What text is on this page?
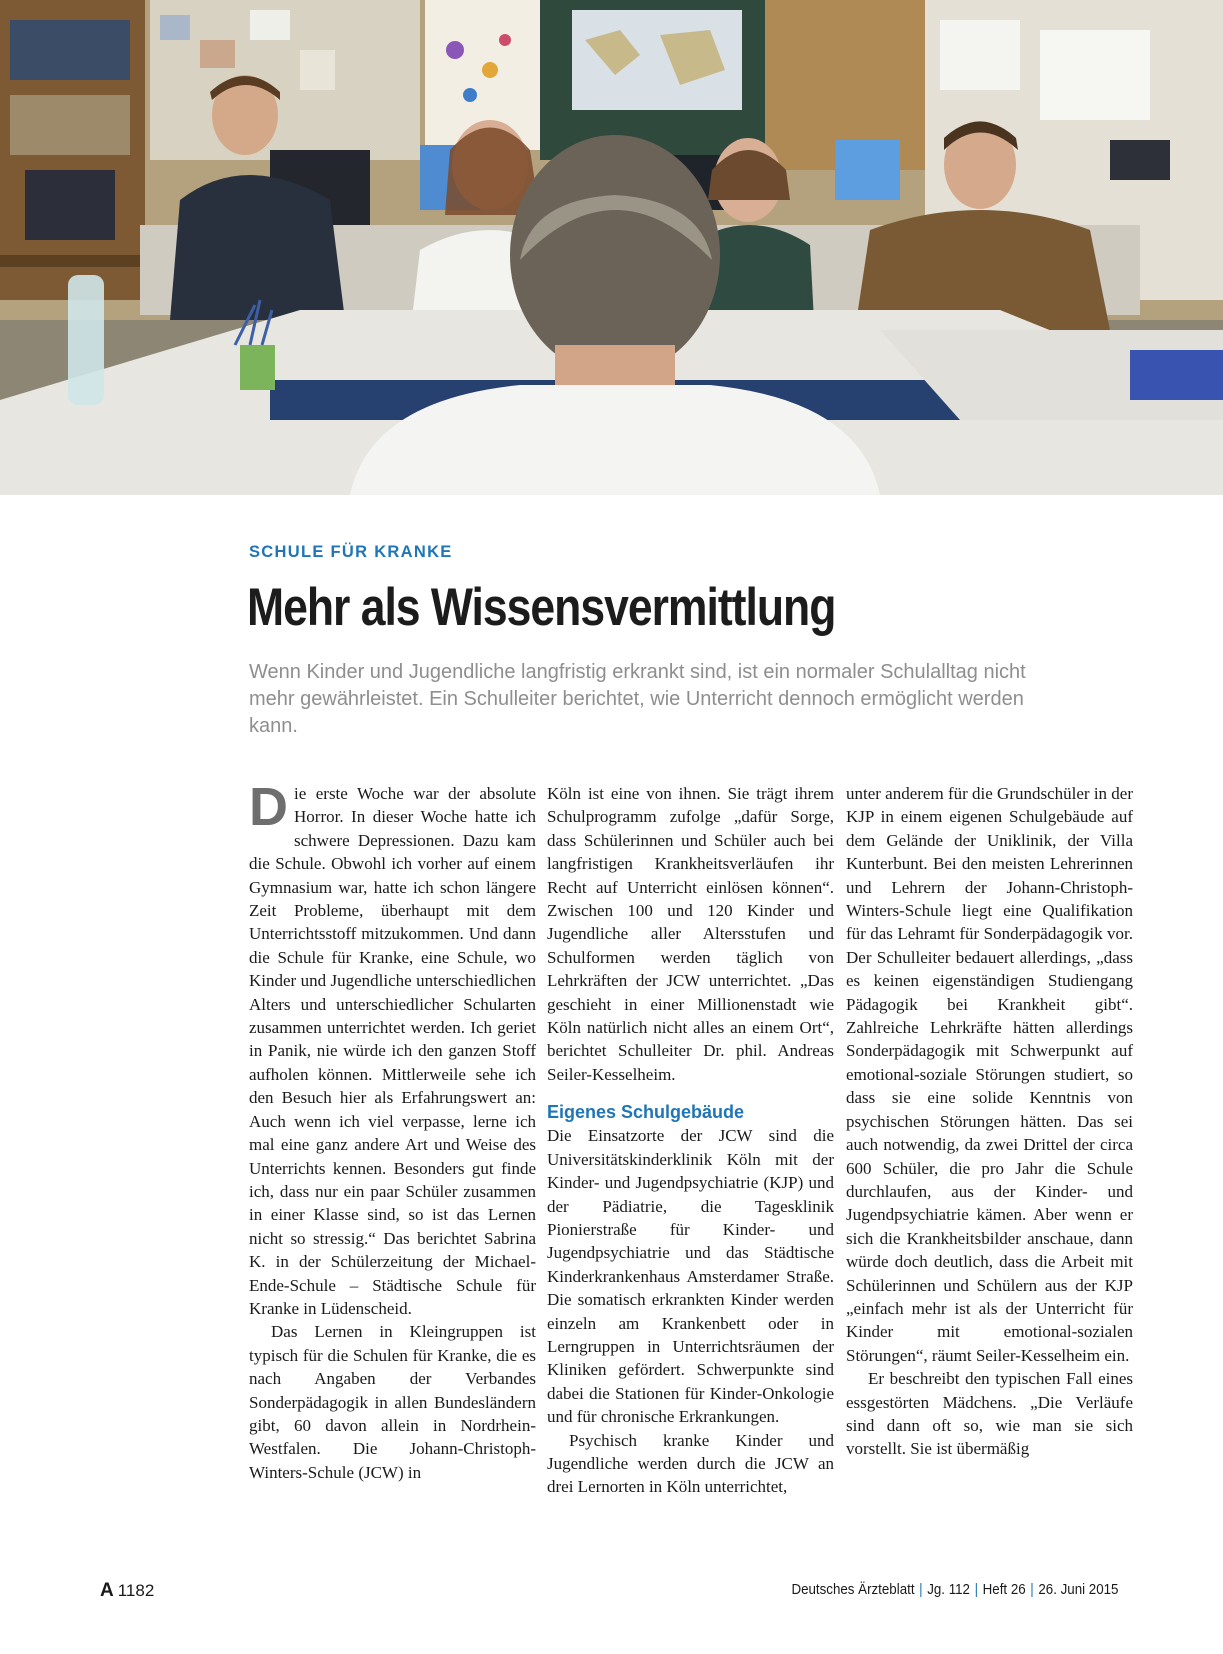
SCHULE FÜR KRANKE
Mehr als Wissensvermittlung

Wenn Kinder und Jugendliche langfristig erkrankt sind, ist ein normaler Schulalltag nicht mehr gewährleistet. Ein Schulleiter berichtet, wie Unterricht dennoch ermöglicht werden kann.

Die erste Woche war der absolute Horror. In dieser Woche hatte ich schwere Depressionen. Dazu kam die Schule. Obwohl ich vorher auf einem Gymnasium war, hatte ich schon längere Zeit Probleme, überhaupt mit dem Unterrichtsstoff mitzukommen. Und dann die Schule für Kranke, eine Schule, wo Kinder und Jugendliche unterschiedlichen Alters und unterschiedlicher Schularten zusammen unterrichtet werden. Ich geriet in Panik, nie würde ich den ganzen Stoff aufholen können. Mittlerweile sehe ich den Besuch hier als Erfahrungswert an: Auch wenn ich viel verpasse, lerne ich mal eine ganz andere Art und Weise des Unterrichts kennen. Besonders gut finde ich, dass nur ein paar Schüler zusammen in einer Klasse sind, so ist das Lernen nicht so stressig.“ Das berichtet Sabrina K. in der Schülerzeitung der Michael-Ende-Schule – Städtische Schule für Kranke in Lüdenscheid.

Das Lernen in Kleingruppen ist typisch für die Schulen für Kranke, die es nach Angaben der Verbandes Sonderpädagogik in allen Bundesländern gibt, 60 davon allein in Nordrhein-Westfalen. Die Johann-Christoph-Winters-Schule (JCW) in

Köln ist eine von ihnen. Sie trägt ihrem Schulprogramm zufolge „dafür Sorge, dass Schülerinnen und Schüler auch bei langfristigen Krankheitsverläufen ihr Recht auf Unterricht einlösen können“. Zwischen 100 und 120 Kinder und Jugendliche aller Altersstufen und Schulformen werden täglich von Lehrkräften der JCW unterrichtet. „Das geschieht in einer Millionenstadt wie Köln natürlich nicht alles an einem Ort“, berichtet Schulleiter Dr. phil. Andreas Seiler-Kesselheim.

Eigenes Schulgebäude

Die Einsatzorte der JCW sind die Universitätskinderklinik Köln mit der Kinder- und Jugendpsychiatrie (KJP) und der Pädiatrie, die Tagesklinik Pionierstraße für Kinder- und Jugendpsychiatrie und das Städtische Kinderkrankenhaus Amsterdamer Straße. Die somatisch erkrankten Kinder werden einzeln am Krankenbett oder in Lerngruppen in Unterrichtsräumen der Kliniken gefördert. Schwerpunkte sind dabei die Stationen für Kinder-Onkologie und für chronische Erkrankungen.

Psychisch kranke Kinder und Jugendliche werden durch die JCW an drei Lernorten in Köln unterrichtet,

unter anderem für die Grundschüler in der KJP in einem eigenen Schulgebäude auf dem Gelände der Uniklinik, der Villa Kunterbunt. Bei den meisten Lehrerinnen und Lehrern der Johann-Christoph-Winters-Schule liegt eine Qualifikation für das Lehramt für Sonderpädagogik vor. Der Schulleiter bedauert allerdings, „dass es keinen eigenständigen Studiengang Pädagogik bei Krankheit gibt“. Zahlreiche Lehrkräfte hätten allerdings Sonderpädagogik mit Schwerpunkt auf emotional-soziale Störungen studiert, so dass sie eine solide Kenntnis von psychischen Störungen hätten. Das sei auch notwendig, da zwei Drittel der circa 600 Schüler, die pro Jahr die Schule durchlaufen, aus der Kinder- und Jugendpsychiatrie kämen. Aber wenn er sich die Krankheitsbilder anschaue, dann würde doch deutlich, dass die Arbeit mit Schülerinnen und Schülern aus der KJP „einfach mehr ist als der Unterricht für Kinder mit emotional-sozialen Störungen“, räumt Seiler-Kesselheim ein.

Er beschreibt den typischen Fall eines essgestörten Mädchens. „Die Verläufe sind dann oft so, wie man sie sich vorstellt. Sie ist übermäßig

A 1182	Deutsches Ärzteblatt | Jg. 112 | Heft 26 | 26. Juni 2015
